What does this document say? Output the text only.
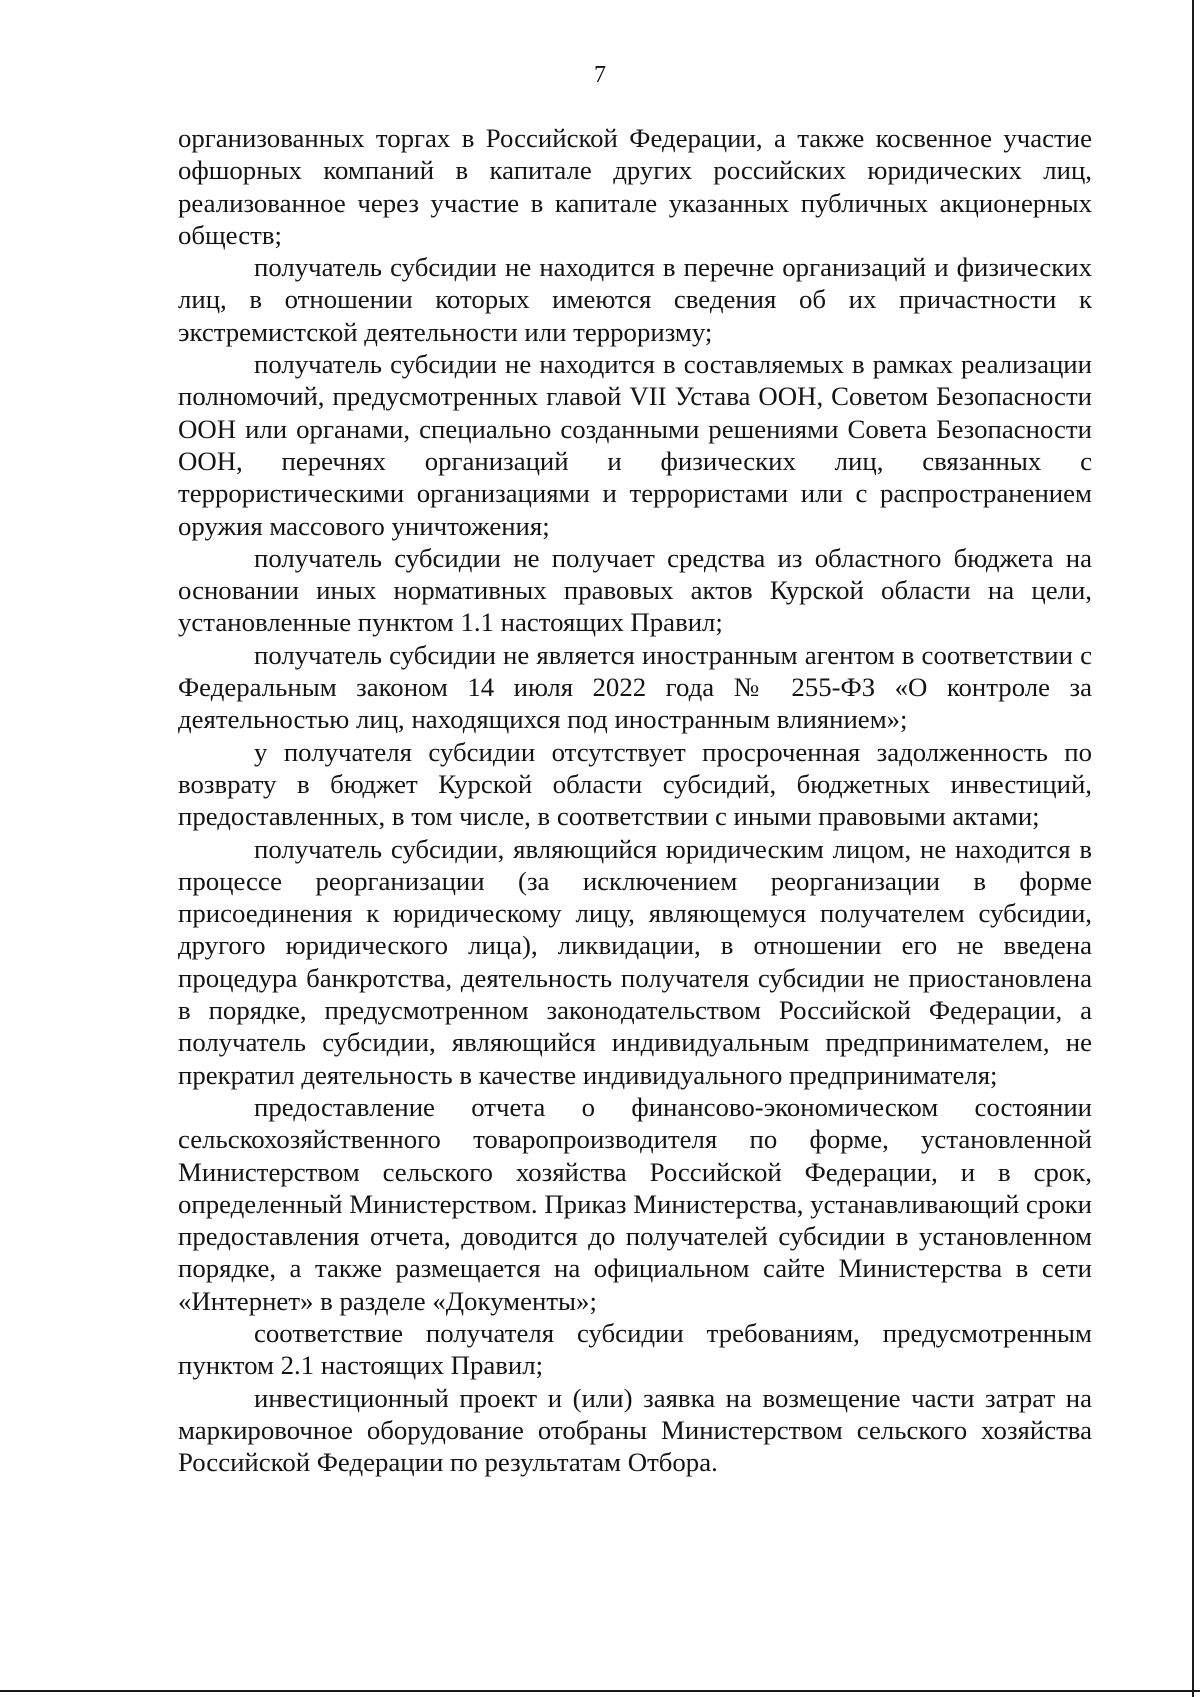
7

организованных торгах в Российской Федерации, а также косвенное участие офшорных компаний в капитале других российских юридических лиц, реализованное через участие в капитале указанных публичных акционерных обществ;

получатель субсидии не находится в перечне организаций и физических лиц, в отношении которых имеются сведения об их причастности к экстремистской деятельности или терроризму;

получатель субсидии не находится в составляемых в рамках реализации полномочий, предусмотренных главой VII Устава ООН, Советом Безопасности ООН или органами, специально созданными решениями Совета Безопасности ООН, перечнях организаций и физических лиц, связанных с террористическими организациями и террористами или с распространением оружия массового уничтожения;

получатель субсидии не получает средства из областного бюджета на основании иных нормативных правовых актов Курской области на цели, установленные пунктом 1.1 настоящих Правил;

получатель субсидии не является иностранным агентом в соответствии с Федеральным законом 14 июля 2022 года № 255-ФЗ «О контроле за деятельностью лиц, находящихся под иностранным влиянием»;

у получателя субсидии отсутствует просроченная задолженность по возврату в бюджет Курской области субсидий, бюджетных инвестиций, предоставленных, в том числе, в соответствии с иными правовыми актами;

получатель субсидии, являющийся юридическим лицом, не находится в процессе реорганизации (за исключением реорганизации в форме присоединения к юридическому лицу, являющемуся получателем субсидии, другого юридического лица), ликвидации, в отношении его не введена процедура банкротства, деятельность получателя субсидии не приостановлена в порядке, предусмотренном законодательством Российской Федерации, а получатель субсидии, являющийся индивидуальным предпринимателем, не прекратил деятельность в качестве индивидуального предпринимателя;

предоставление отчета о финансово-экономическом состоянии сельскохозяйственного товаропроизводителя по форме, установленной Министерством сельского хозяйства Российской Федерации, и в срок, определенный Министерством. Приказ Министерства, устанавливающий сроки предоставления отчета, доводится до получателей субсидии в установленном порядке, а также размещается на официальном сайте Министерства в сети «Интернет» в разделе «Документы»;

соответствие получателя субсидии требованиям, предусмотренным пунктом 2.1 настоящих Правил;

инвестиционный проект и (или) заявка на возмещение части затрат на маркировочное оборудование отобраны Министерством сельского хозяйства Российской Федерации по результатам Отбора.
